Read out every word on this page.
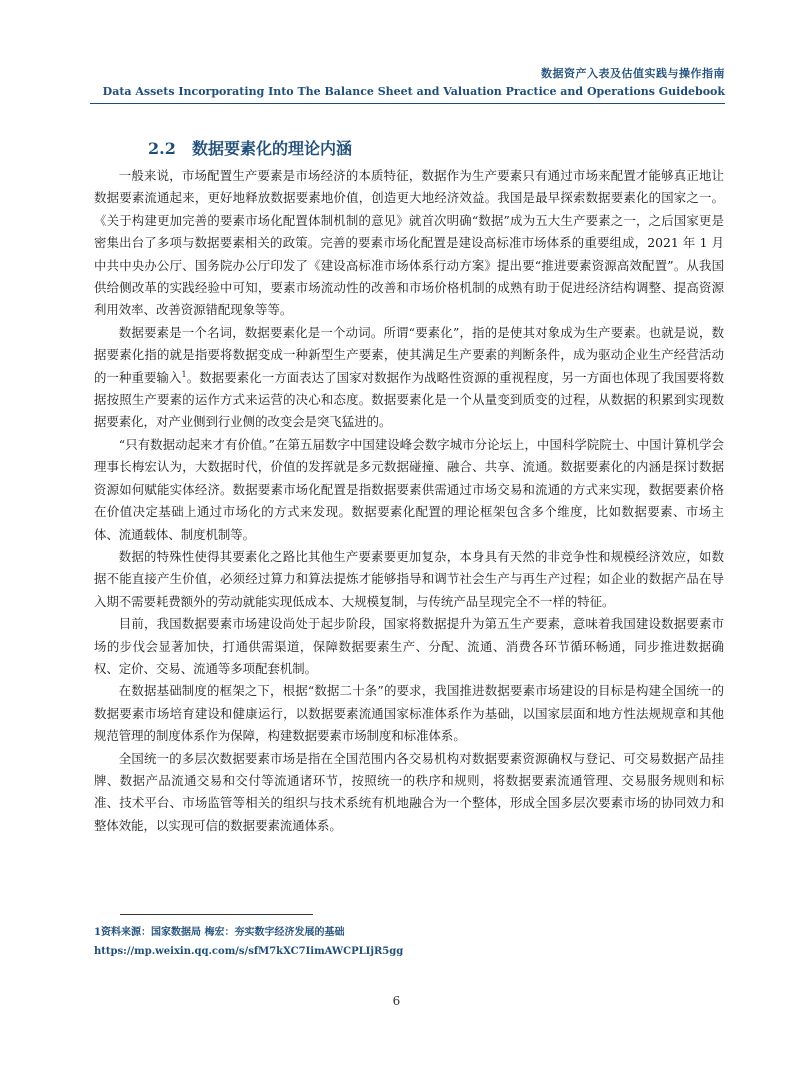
数据资产入表及估值实践与操作指南
Data Assets Incorporating Into The Balance Sheet and Valuation Practice and Operations Guidebook
2.2 数据要素化的理论内涵

一般来说，市场配置生产要素是市场经济的本质特征，数据作为生产要素只有通过市场来配置才能够真正地让数据要素流通起来，更好地释放数据要素地价值，创造更大地经济效益。我国是最早探索数据要素化的国家之一。《关于构建更加完善的要素市场化配置体制机制的意见》就首次明确“数据”成为五大生产要素之一，之后国家更是密集出台了多项与数据要素相关的政策。完善的要素市场化配置是建设高标准市场体系的重要组成，2021 年 1 月中共中央办公厅、国务院办公厅印发了《建设高标准市场体系行动方案》提出要“推进要素资源高效配置”。从我国供给侧改革的实践经验中可知，要素市场流动性的改善和市场价格机制的成熟有助于促进经济结构调整、提高资源利用效率、改善资源错配现象等等。

数据要素是一个名词，数据要素化是一个动词。所谓“要素化”，指的是使其对象成为生产要素。也就是说，数据要素化指的就是指要将数据变成一种新型生产要素，使其满足生产要素的判断条件，成为驱动企业生产经营活动的一种重要输入$^1$。数据要素化一方面表达了国家对数据作为战略性资源的重视程度，另一方面也体现了我国要将数据按照生产要素的运作方式来运营的决心和态度。数据要素化是一个从量变到质变的过程，从数据的积累到实现数据要素化，对产业侧到行业侧的改变会是突飞猛进的。

“只有数据动起来才有价值。”在第五届数字中国建设峰会数字城市分论坛上，中国科学院院士、中国计算机学会理事长梅宏认为，大数据时代，价值的发挥就是多元数据碰撞、融合、共享、流通。数据要素化的内涵是探讨数据资源如何赋能实体经济。数据要素市场化配置是指数据要素供需通过市场交易和流通的方式来实现，数据要素价格在价值决定基础上通过市场化的方式来发现。数据要素化配置的理论框架包含多个维度，比如数据要素、市场主体、流通载体、制度机制等。

数据的特殊性使得其要素化之路比其他生产要素要更加复杂，本身具有天然的非竞争性和规模经济效应，如数据不能直接产生价值，必须经过算力和算法提炼才能够指导和调节社会生产与再生产过程；如企业的数据产品在导入期不需要耗费额外的劳动就能实现低成本、大规模复制，与传统产品呈现完全不一样的特征。

目前，我国数据要素市场建设尚处于起步阶段，国家将数据提升为第五生产要素，意味着我国建设数据要素市场的步伐会显著加快，打通供需渠道，保障数据要素生产、分配、流通、消费各环节循环畅通，同步推进数据确权、定价、交易、流通等多项配套机制。

在数据基础制度的框架之下，根据“数据二十条”的要求，我国推进数据要素市场建设的目标是构建全国统一的数据要素市场培育建设和健康运行，以数据要素流通国家标准体系作为基础，以国家层面和地方性法规规章和其他规范管理的制度体系作为保障，构建数据要素市场制度和标准体系。

全国统一的多层次数据要素市场是指在全国范围内各交易机构对数据要素资源确权与登记、可交易数据产品挂牌、数据产品流通交易和交付等流通诸环节，按照统一的秩序和规则，将数据要素流通管理、交易服务规则和标准、技术平台、市场监管等相关的组织与技术系统有机地融合为一个整体，形成全国多层次要素市场的协同效力和整体效能，以实现可信的数据要素流通体系。

1资料来源：国家数据局 梅宏：夯实数字经济发展的基础
https://mp.weixin.qq.com/s/sfM7kXC7IimAWCPLIjR5gg
6
